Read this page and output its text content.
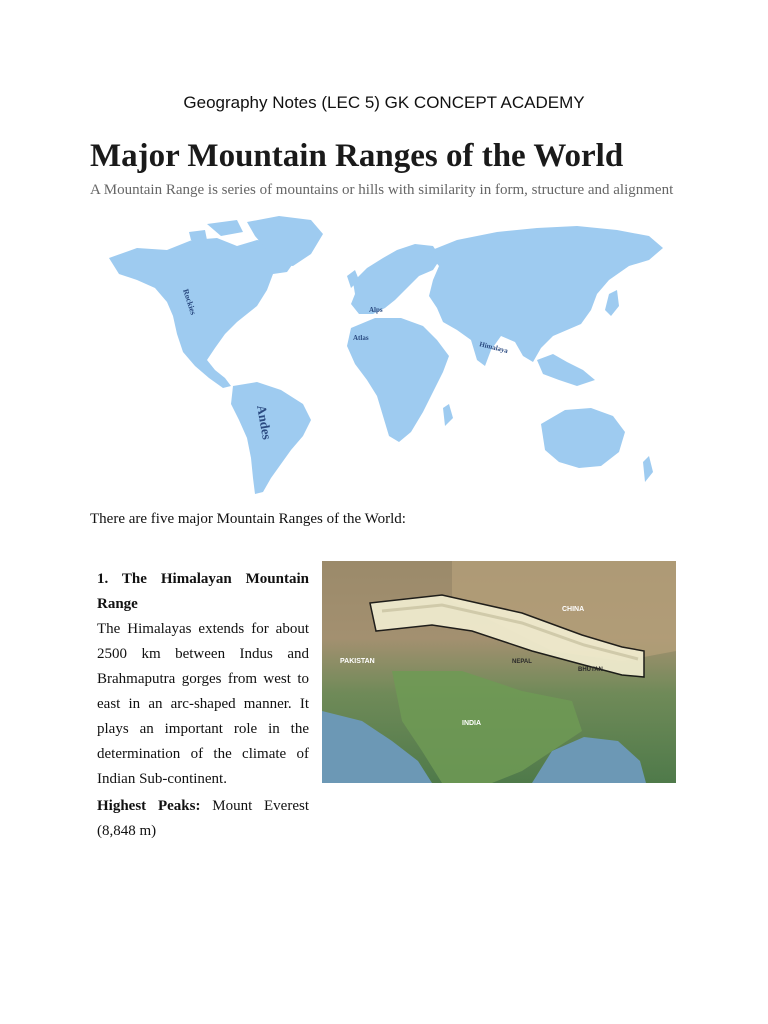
Geography Notes (LEC 5) GK CONCEPT ACADEMY
Major Mountain Ranges of the World
A Mountain Range is series of mountains or hills with similarity in form, structure and alignment
Rockies	Alps
Atlas
Himalaya
Andes
There are five major Mountain Ranges of the World:
1. The Himalayan Mountain Range

The Himalayas extends for about 2500 km between Indus and Brahmaputra gorges from west to east in an arc-shaped manner. It plays an important role in the determination of the climate of Indian Sub-continent.

Highest Peaks: Mount Everest (8,848 m)
CHINA
PAKISTAN
INDIA
NEPAL
BHUTAN
